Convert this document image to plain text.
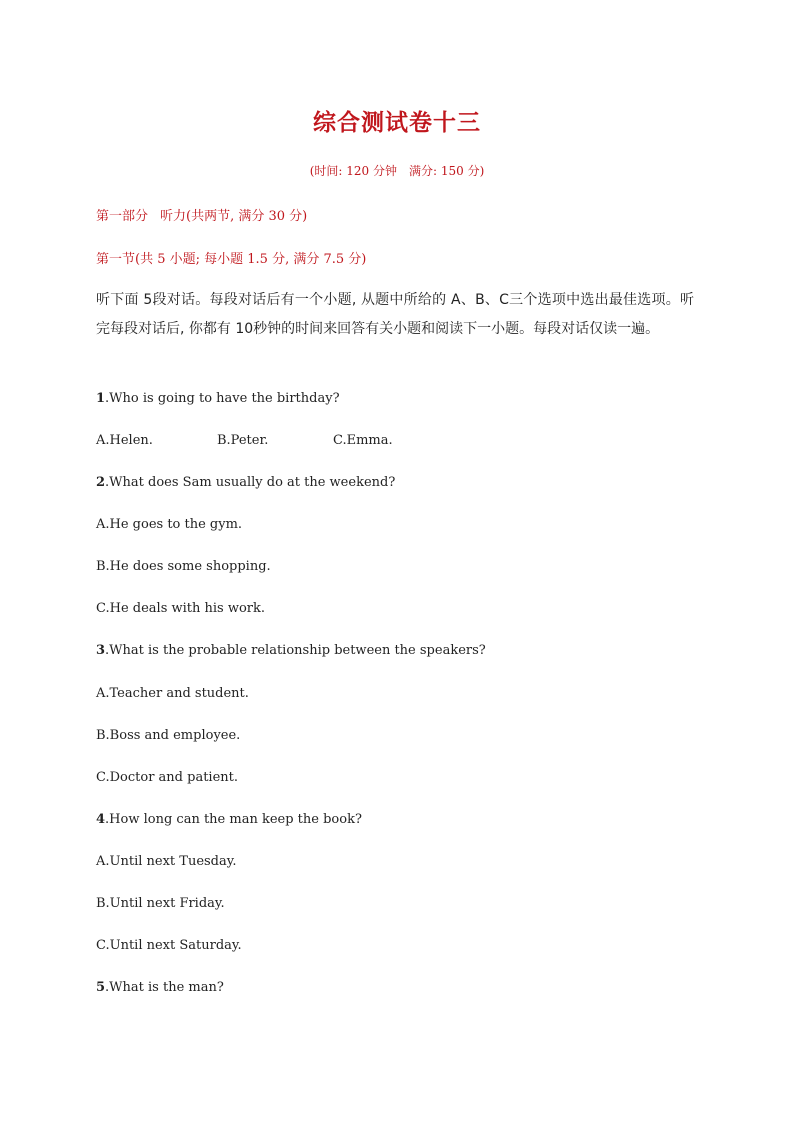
综合测试卷十三
(时间: 120 分钟　满分: 150 分)
第一部分 听力(共两节, 满分 30 分)
第一节(共 5 小题; 每小题 1.5 分, 满分 7.5 分)
听下面 5段对话。每段对话后有一个小题, 从题中所给的 A、B、C三个选项中选出最佳选项。听完每段对话后, 你都有 10秒钟的时间来回答有关小题和阅读下一小题。每段对话仅读一遍。
1.Who is going to have the birthday?
A.Helen.	B.Peter.	C.Emma.
2.What does Sam usually do at the weekend?
A.He goes to the gym.
B.He does some shopping.
C.He deals with his work.
3.What is the probable relationship between the speakers?
A.Teacher and student.
B.Boss and employee.
C.Doctor and patient.
4.How long can the man keep the book?
A.Until next Tuesday.
B.Until next Friday.
C.Until next Saturday.
5.What is the man?
